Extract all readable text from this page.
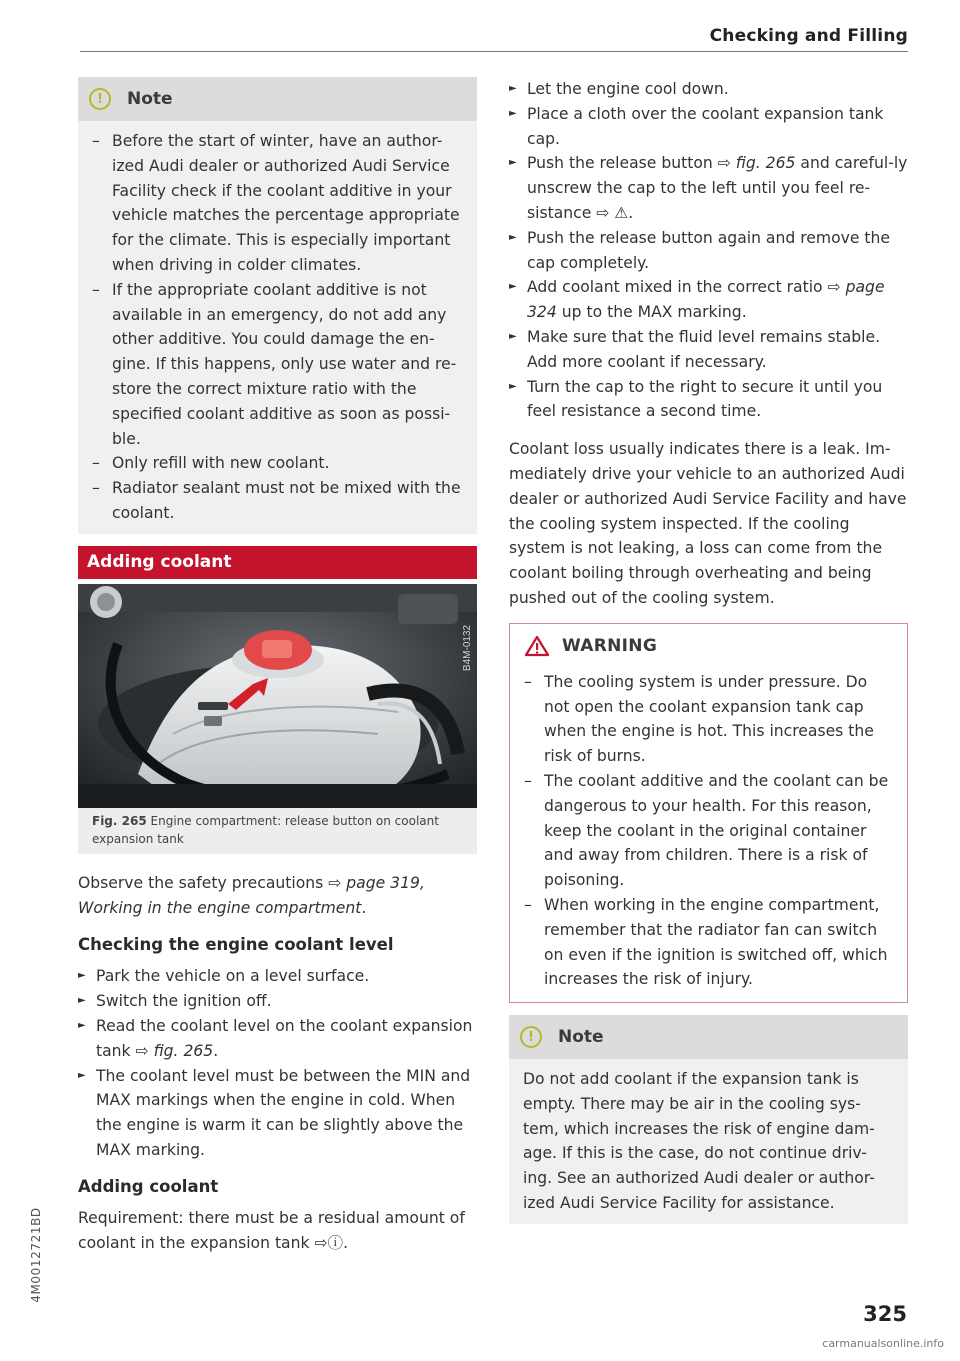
Checking and Filling
!	Note
– Before the start of winter, have an author-ized Audi dealer or authorized Audi Service Facility check if the coolant additive in your vehicle matches the percentage appropriate for the climate. This is especially important when driving in colder climates.
– If the appropriate coolant additive is not available in an emergency, do not add any other additive. You could damage the en-gine. If this happens, only use water and re-store the correct mixture ratio with the specified coolant additive as soon as possi-ble.
– Only refill with new coolant.
– Radiator sealant must not be mixed with the coolant.
Adding coolant
B4M-0132
Fig. 265 Engine compartment: release button on coolant expansion tank

Observe the safety precautions ⇨ page 319, Working in the engine compartment.

Checking the engine coolant level
► Park the vehicle on a level surface.
► Switch the ignition off.
► Read the coolant level on the coolant expansion tank ⇨ fig. 265.
► The coolant level must be between the MIN and MAX markings when the engine in cold. When the engine is warm it can be slightly above the MAX marking.
Adding coolant

Requirement: there must be a residual amount of coolant in the expansion tank ⇨ⓘ.

► Let the engine cool down.
► Place a cloth over the coolant expansion tank cap.
► Push the release button ⇨ fig. 265 and careful-ly unscrew the cap to the left until you feel re-sistance ⇨ ⚠.
► Push the release button again and remove the cap completely.
► Add coolant mixed in the correct ratio ⇨ page 324 up to the MAX marking.
► Make sure that the fluid level remains stable. Add more coolant if necessary.
► Turn the cap to the right to secure it until you feel resistance a second time.

Coolant loss usually indicates there is a leak. Im-mediately drive your vehicle to an authorized Audi dealer or authorized Audi Service Facility and have the cooling system inspected. If the cooling system is not leaking, a loss can come from the coolant boiling through overheating and being pushed out of the cooling system.

WARNING
– The cooling system is under pressure. Do not open the coolant expansion tank cap when the engine is hot. This increases the risk of burns.
– The coolant additive and the coolant can be dangerous to your health. For this reason, keep the coolant in the original container and away from children. There is a risk of poisoning.
– When working in the engine compartment, remember that the radiator fan can switch on even if the ignition is switched off, which increases the risk of injury.
!	Note

Do not add coolant if the expansion tank is empty. There may be air in the cooling sys-tem, which increases the risk of engine dam-age. If this is the case, do not continue driv-ing. See an authorized Audi dealer or author-ized Audi Service Facility for assistance.

4M0012721BD
325
carmanualsonline.info
